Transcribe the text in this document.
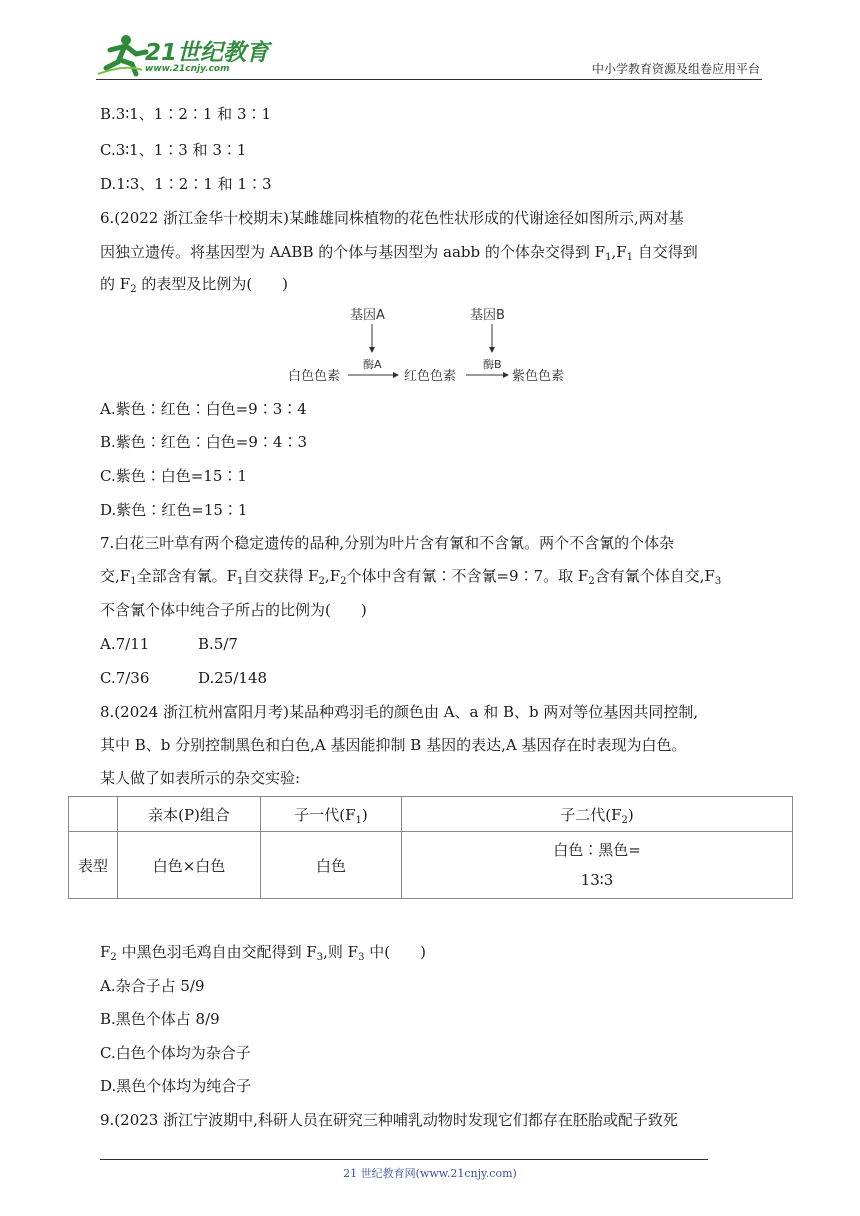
21世纪教育
www.21cnjy.com	中小学教育资源及组卷应用平台
B.3∶1、1∶2∶1 和 3∶1
C.3∶1、1∶3 和 3∶1
D.1∶3、1∶2∶1 和 1∶3
6.(2022 浙江金华十校期末)某雌雄同株植物的花色性状形成的代谢途径如图所示,两对基
因独立遗传。将基因型为 AABB 的个体与基因型为 aabb 的个体杂交得到 $F_1,F_1$ 自交得到
的 $F_2$ 的表型及比例为(　　)
基因A	基因B
酶A	酶B
白色色素	红色色素	紫色色素
A.紫色∶红色∶白色=9∶3∶4
B.紫色∶红色∶白色=9∶4∶3
C.紫色∶白色=15∶1
D.紫色∶红色=15∶1
7.白花三叶草有两个稳定遗传的品种,分别为叶片含有氰和不含氰。两个不含氰的个体杂
交$,F_1$全部含有氰。$F_1$自交获得 $F_2,F_2$个体中含有氰∶不含氰=9∶7。取 $F_2$含有氰个体自交$,F_3$
不含氰个体中纯合子所占的比例为(　　)
A.7/11	B.5/7
C.7/36	D.25/148
8.(2024 浙江杭州富阳月考)某品种鸡羽毛的颜色由 A、a 和 B、b 两对等位基因共同控制,
其中 B、b 分别控制黑色和白色,A 基因能抑制 B 基因的表达,A 基因存在时表现为白色。
某人做了如表所示的杂交实验:
	亲本(P)组合	子一代$(F_1)$	子二代$(F_2)$
表型	白色×白色	白色	白色∶黑色=
13∶3
$F_2$ 中黑色羽毛鸡自由交配得到 $F_3$,则 $F_3$ 中(　　)
A.杂合子占 5/9
B.黑色个体占 8/9
C.白色个体均为杂合子
D.黑色个体均为纯合子
9.(2023 浙江宁波期中,科研人员在研究三种哺乳动物时发现它们都存在胚胎或配子致死
21 世纪教育网(www.21cnjy.com)
